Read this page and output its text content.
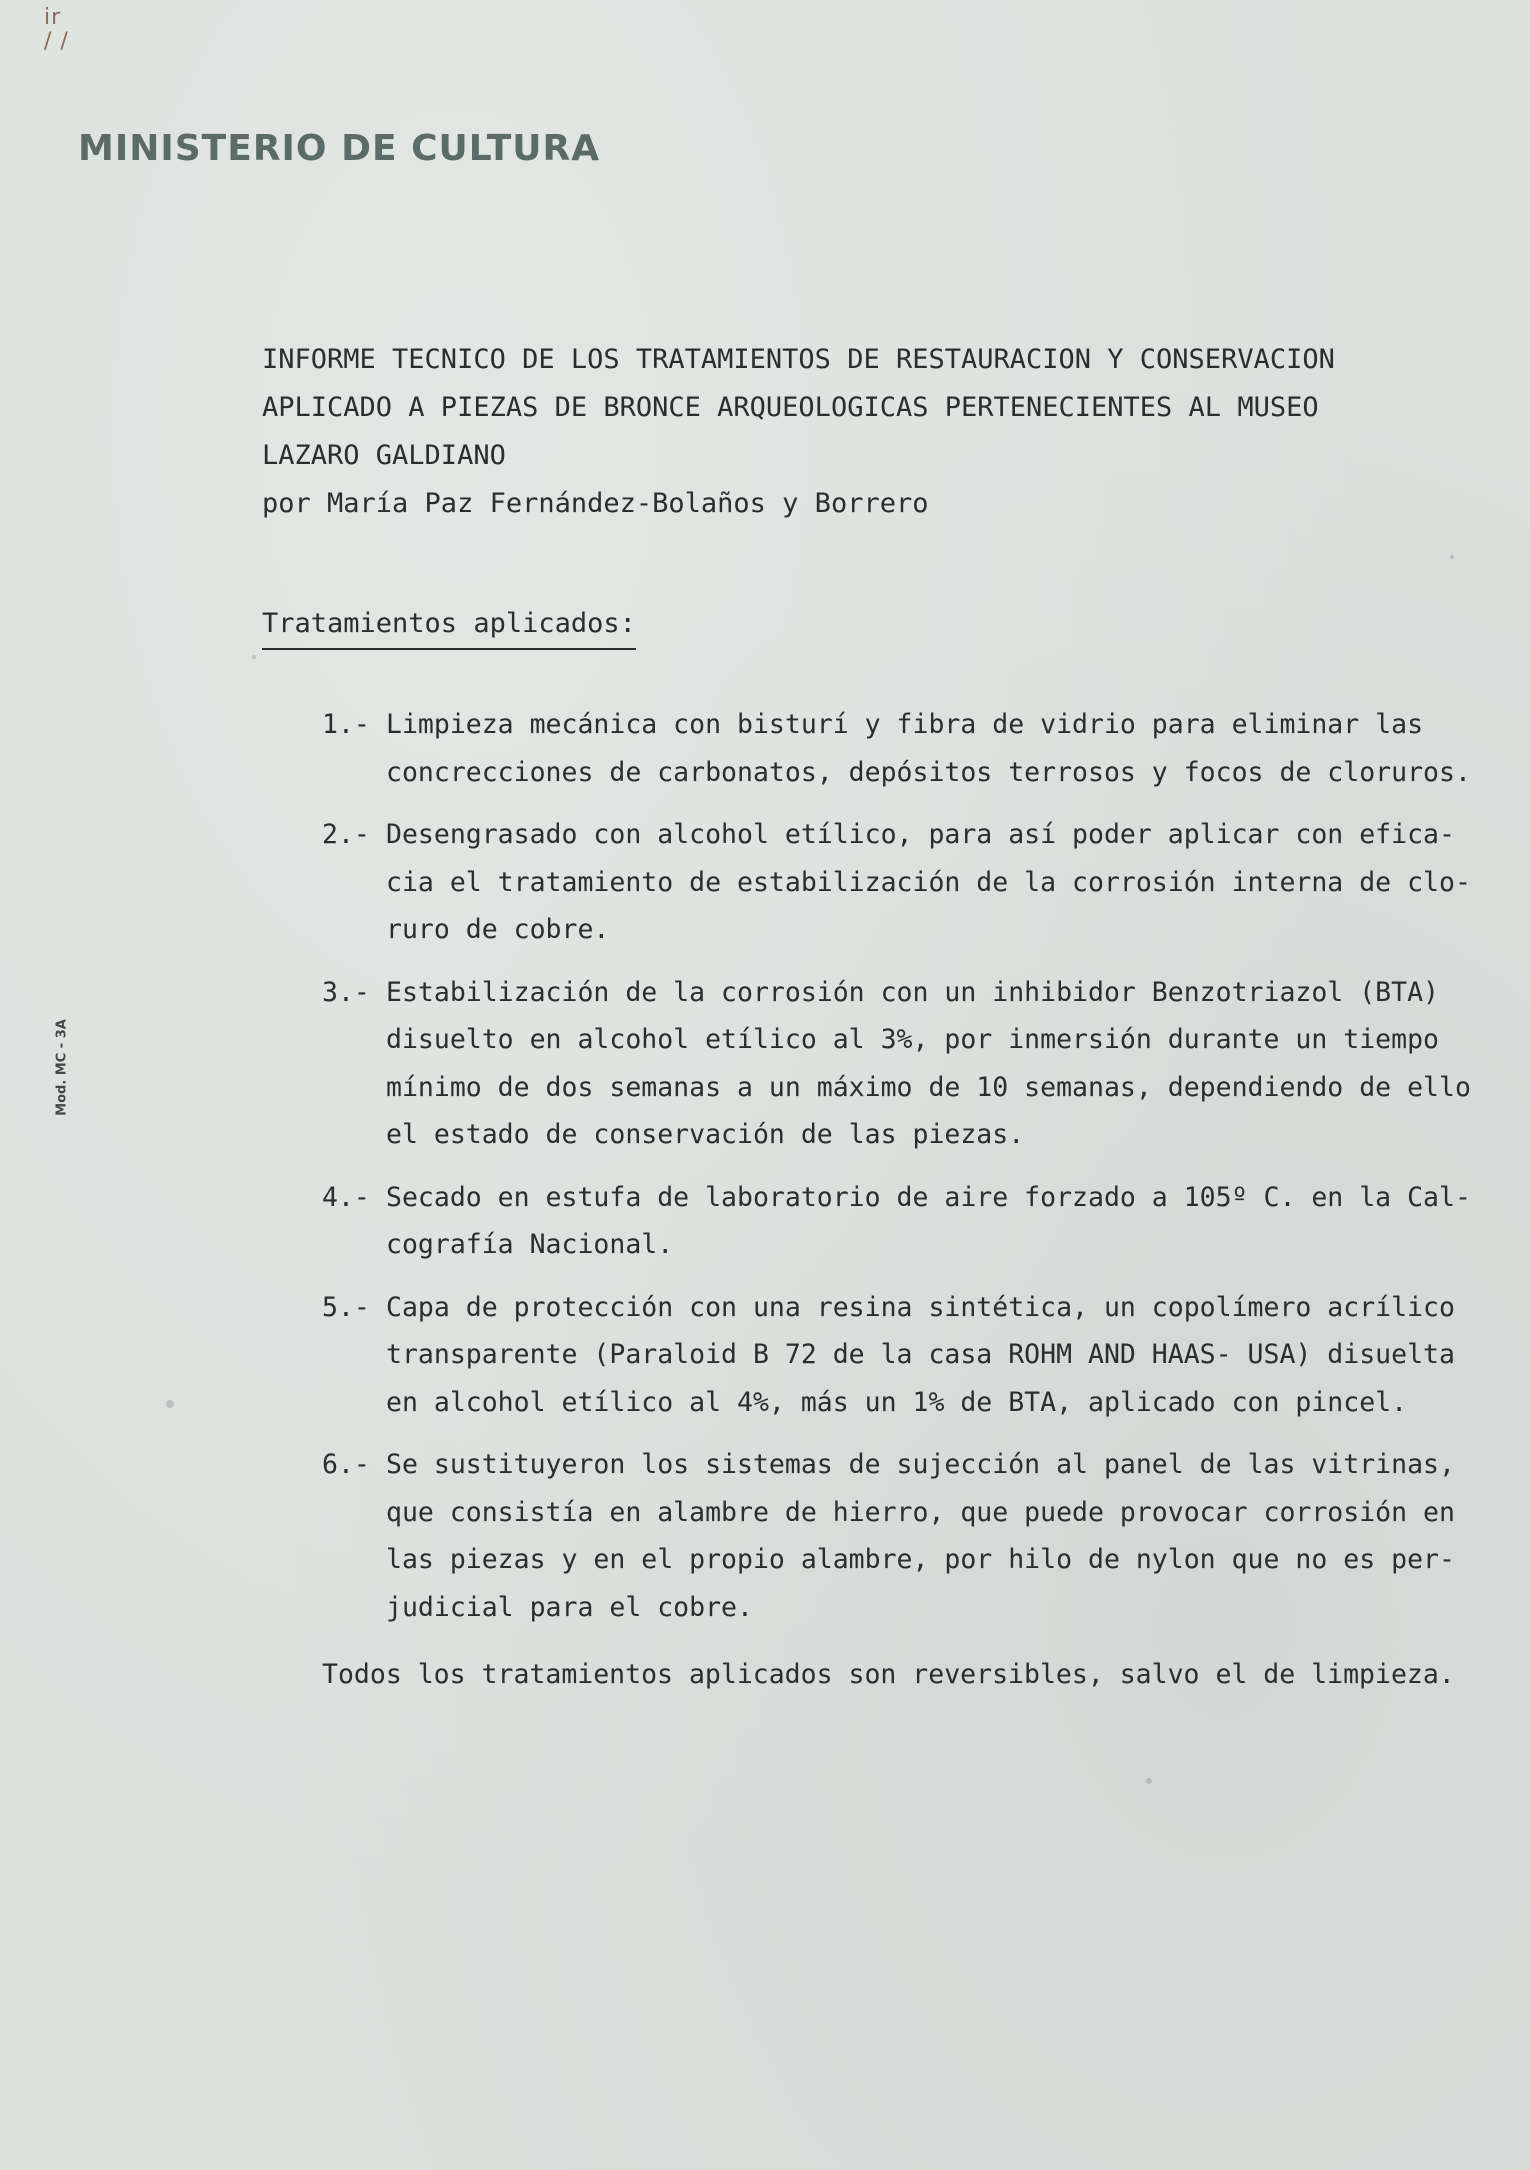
ir
/ /
MINISTERIO DE CULTURA
INFORME TECNICO DE LOS TRATAMIENTOS DE RESTAURACION Y CONSERVACION
APLICADO A PIEZAS DE BRONCE ARQUEOLOGICAS PERTENECIENTES AL MUSEO
LAZARO GALDIANO
por María Paz Fernández-Bolaños y Borrero
Tratamientos aplicados:
1.- Limpieza mecánica con bisturí y fibra de vidrio para eliminar las
concrecciones de carbonatos, depósitos terrosos y focos de cloruros.
2.- Desengrasado con alcohol etílico, para así poder aplicar con efica-
cia el tratamiento de estabilización de la corrosión interna de clo-
ruro de cobre.
3.- Estabilización de la corrosión con un inhibidor Benzotriazol (BTA)
disuelto en alcohol etílico al 3%, por inmersión durante un tiempo
mínimo de dos semanas a un máximo de 10 semanas, dependiendo de ello
el estado de conservación de las piezas.
4.- Secado en estufa de laboratorio de aire forzado a 105º C. en la Cal-
cografía Nacional.
5.- Capa de protección con una resina sintética, un copolímero acrílico
transparente (Paraloid B 72 de la casa ROHM AND HAAS- USA) disuelta
en alcohol etílico al 4%, más un 1% de BTA, aplicado con pincel.
6.- Se sustituyeron los sistemas de sujección al panel de las vitrinas,
que consistía en alambre de hierro, que puede provocar corrosión en
las piezas y en el propio alambre, por hilo de nylon que no es per-
judicial para el cobre.
Todos los tratamientos aplicados son reversibles, salvo el de limpieza.
Mod. MC - 3A
